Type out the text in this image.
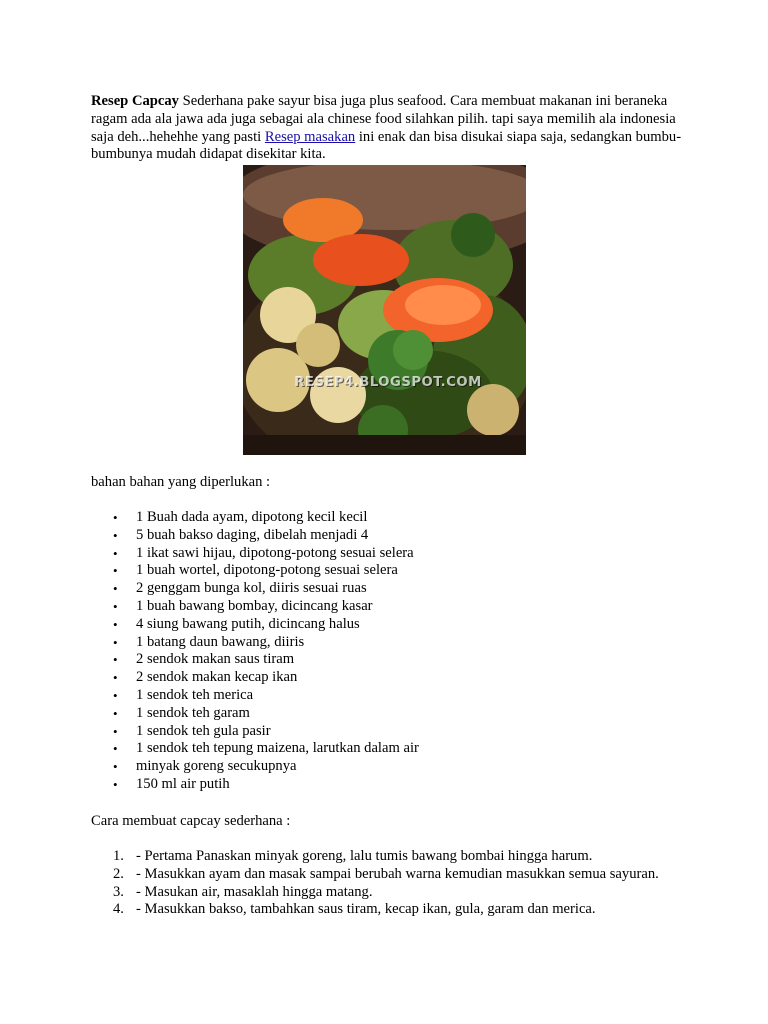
Resep Capcay Sederhana pake sayur bisa juga plus seafood. Cara membuat makanan ini beraneka ragam ada ala jawa ada juga sebagai ala chinese food silahkan pilih. tapi saya memilih ala indonesia saja deh...hehehhe yang pasti Resep masakan ini enak dan bisa disukai siapa saja, sedangkan bumbu-bumbunya mudah didapat disekitar kita.

RESEP4.BLOGSPOT.COM

bahan bahan yang diperlukan :

• 1 Buah dada ayam, dipotong kecil kecil
• 5 buah bakso daging, dibelah menjadi 4
• 1 ikat sawi hijau, dipotong-potong sesuai selera
• 1 buah wortel, dipotong-potong sesuai selera
• 2 genggam bunga kol, diiris sesuai ruas
• 1 buah bawang bombay, dicincang kasar
• 4 siung bawang putih, dicincang halus
• 1 batang daun bawang, diiris
• 2 sendok makan saus tiram
• 2 sendok makan kecap ikan
• 1 sendok teh merica
• 1 sendok teh garam
• 1 sendok teh gula pasir
• 1 sendok teh tepung maizena, larutkan dalam air
• minyak goreng secukupnya
• 150 ml air putih

Cara membuat capcay sederhana :

1. - Pertama Panaskan minyak goreng, lalu tumis bawang bombai hingga harum.
2. - Masukkan ayam dan masak sampai berubah warna kemudian masukkan semua sayuran.
3. - Masukan air, masaklah hingga matang.
4. - Masukkan bakso, tambahkan saus tiram, kecap ikan, gula, garam dan merica.
